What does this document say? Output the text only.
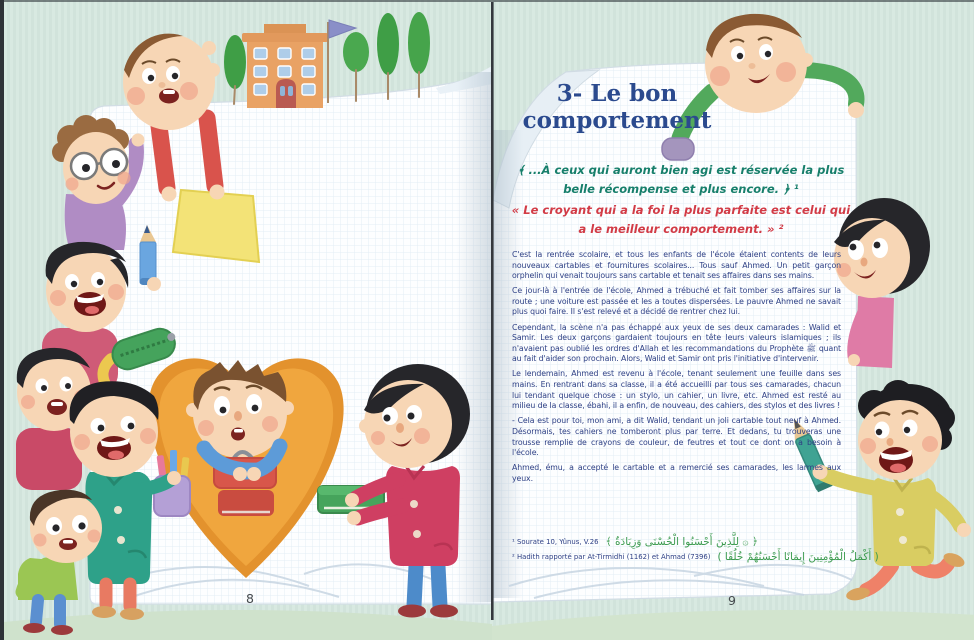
3- Le bon
comportement
﴾ ...À ceux qui auront bien agi est réservée la plus
belle récompense et plus encore. ﴿ ¹
« Le croyant qui a la foi la plus parfaite est celui qui
a le meilleur comportement. » ²

C'est la rentrée scolaire, et tous les enfants de l'école étaient contents de leurs nouveaux cartables et fournitures scolaires... Tous sauf Ahmed. Un petit garçon orphelin qui venait toujours sans cartable et tenait ses affaires dans ses mains.

Ce jour-là à l'entrée de l'école, Ahmed a trébuché et fait tomber ses affaires sur la route ; une voiture est passée et les a toutes dispersées. Le pauvre Ahmed ne savait plus quoi faire. Il s'est relevé et a décidé de rentrer chez lui.

Cependant, la scène n'a pas échappé aux yeux de ses deux camarades : Walid et Samir. Les deux garçons gardaient toujours en tête leurs valeurs islamiques ; ils n'avaient pas oublié les ordres d'Allah et les recommandations du Prophète ﷺ quant au fait d'aider son prochain. Alors, Walid et Samir ont pris l'initiative d'intervenir.

Le lendemain, Ahmed est revenu à l'école, tenant seulement une feuille dans ses mains. En rentrant dans sa classe, il a été accueilli par tous ses camarades, chacun lui tendant quelque chose : un stylo, un cahier, un livre, etc. Ahmed est resté au milieu de la classe, ébahi, il a enfin, de nouveau, des cahiers, des stylos et des livres !

- Cela est pour toi, mon ami, a dit Walid, tendant un joli cartable tout neuf à Ahmed. Désormais, tes cahiers ne tomberont plus par terre. Et dedans, tu trouveras une trousse remplie de crayons de couleur, de feutres et tout ce dont on a besoin à l'école.

Ahmed, ému, a accepté le cartable et a remercié ses camarades, les larmes aux yeux.

¹ Sourate 10, Yûnus, V.26 ﴿ ۞ لِلَّذِينَ أَحْسَنُوا الْحُسْنَى وَزِيَادَةٌ ﴾
² Hadith rapporté par At-Tirmidhi (1162) et Ahmad (7396) ( أَكْمَلُ الْمُؤْمِنِينَ إِيمَانًا أَحْسَنُهُمْ خُلُقًا )
8	9
